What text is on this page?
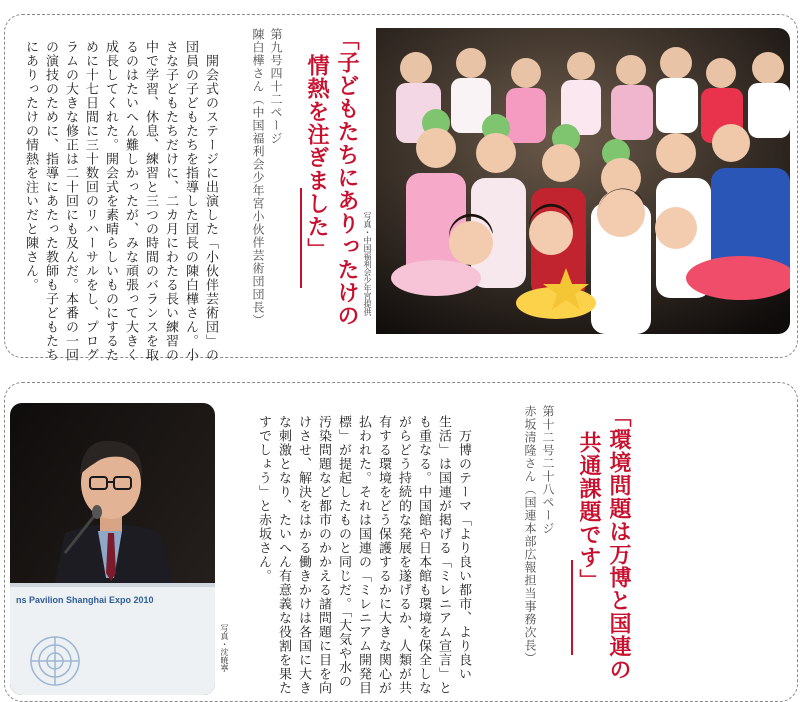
写真・中国福利会少年宮提供
「子どもたちにありったけの
情熱を注ぎました」
第九号四十二ページ
陳白樺さん（中国福利会少年宮小伙伴芸術団団長）
　開会式のステージに出演した「小伙伴芸術団」の
団員の子どもたちを指導した団長の陳白樺さん。小
さな子どもたちだけに、二カ月にわたる長い練習の
中で学習、休息、練習と三つの時間のバランスを取
るのはたいへん難しかったが、みな頑張って大きく
成長してくれた。開会式を素晴らしいものにするた
めに十七日間に三十数回のリハーサルをし、プログ
ラムの大きな修正は二十回にも及んだ。本番の一回
の演技のために、指導にあたった教師も子どもたち
にありったけの情熱を注いだと陳さん。
ns Pavilion Shanghai Expo 2010
写真・沈暁寧	「環境問題は万博と国連の
共通課題です」
第十二号二十八ページ
赤坂清隆さん（国連本部広報担当事務次長）
　万博のテーマ「より良い都市、より良い
生活」は国連が掲げる「ミレニアム宣言」と
も重なる。中国館や日本館も環境を保全しな
がらどう持続的な発展を遂げるか、人類が共
有する環境をどう保護するかに大きな関心が
払われた。それは国連の「ミレニアム開発目
標」が提起したものと同じだ。「大気や水の
汚染問題など都市のかかえる諸問題に目を向
けさせ、解決をはかる働きかけは各国に大き
な刺激となり、たいへん有意義な役割を果た
すでしょう」と赤坂さん。
